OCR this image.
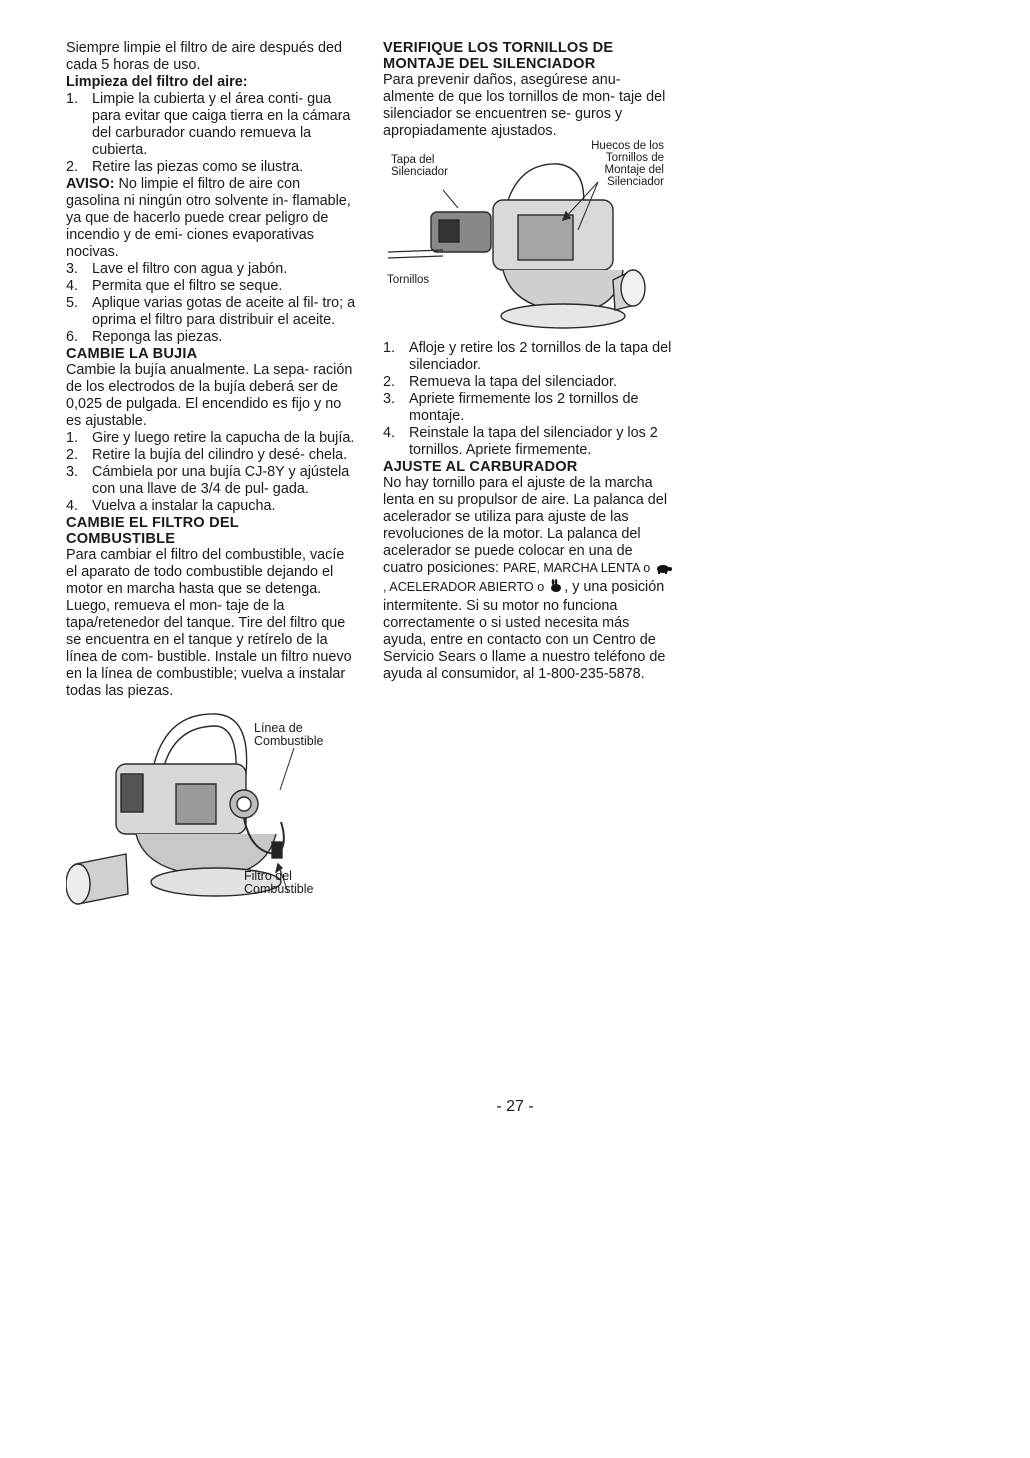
Siempre limpie el filtro de aire después ded cada 5 horas de uso.

Limpieza del filtro del aire:

1. Limpie la cubierta y el área conti- gua para evitar que caiga tierra en la cámara del carburador cuando remueva la cubierta.
2. Retire las piezas como se ilustra.

AVISO: No limpie el filtro de aire con gasolina ni ningún otro solvente in- flamable, ya que de hacerlo puede crear peligro de incendio y de emi- ciones evaporativas nocivas.

3. Lave el filtro con agua y jabón.
4. Permita que el filtro se seque.
5. Aplique varias gotas de aceite al fil- tro; a oprima el filtro para distribuir el aceite.
6. Reponga las piezas.

CAMBIE LA BUJIA

Cambie la bujía anualmente. La sepa- ración de los electrodos de la bujía deberá ser de 0,025 de pulgada. El encendido es fijo y no es ajustable.

1. Gire y luego retire la capucha de la bujía.
2. Retire la bujía del cilindro y desé- chela.
3. Cámbiela por una bujía CJ-8Y y ajústela con una llave de 3/4 de pul- gada.
4. Vuelva a instalar la capucha.

CAMBIE EL FILTRO DEL

COMBUSTIBLE

Para cambiar el filtro del combustible, vacíe el aparato de todo combustible dejando el motor en marcha hasta que se detenga. Luego, remueva el mon- taje de la tapa/retenedor del tanque. Tire del filtro que se encuentra en el tanque y retírelo de la línea de com- bustible. Instale un filtro nuevo en la línea de combustible; vuelva a instalar todas las piezas.

Línea de
Combustible
Filtro del
Combustible

VERIFIQUE LOS TORNILLOS DE

MONTAJE DEL SILENCIADOR

Para prevenir daños, asegúrese anu- almente de que los tornillos de mon- taje del silenciador se encuentren se- guros y apropiadamente ajustados.

Huecos de los
Tornillos de
Montaje del
Silenciador
Tapa del
Silenciador
Tornillos
1. Afloje y retire los 2 tornillos de la tapa del silenciador.
2. Remueva la tapa del silenciador.
3. Apriete firmemente los 2 tornillos de montaje.
4. Reinstale la tapa del silenciador y los 2 tornillos. Apriete firmemente.

AJUSTE AL CARBURADOR

No hay tornillo para el ajuste de la marcha lenta en su propulsor de aire. La palanca del acelerador se utiliza para ajuste de las revoluciones de la motor. La palanca del acelerador se puede colocar en una de cuatro posiciones: PARE, MARCHA LENTA o , ACELERADOR ABIERTO o , y una posición intermitente. Si su motor no funciona correctamente o si usted necesita más ayuda, entre en contacto con un Centro de Servicio Sears o llame a nuestro teléfono de ayuda al consumidor, al 1-800-235-5878.

- 27 -
